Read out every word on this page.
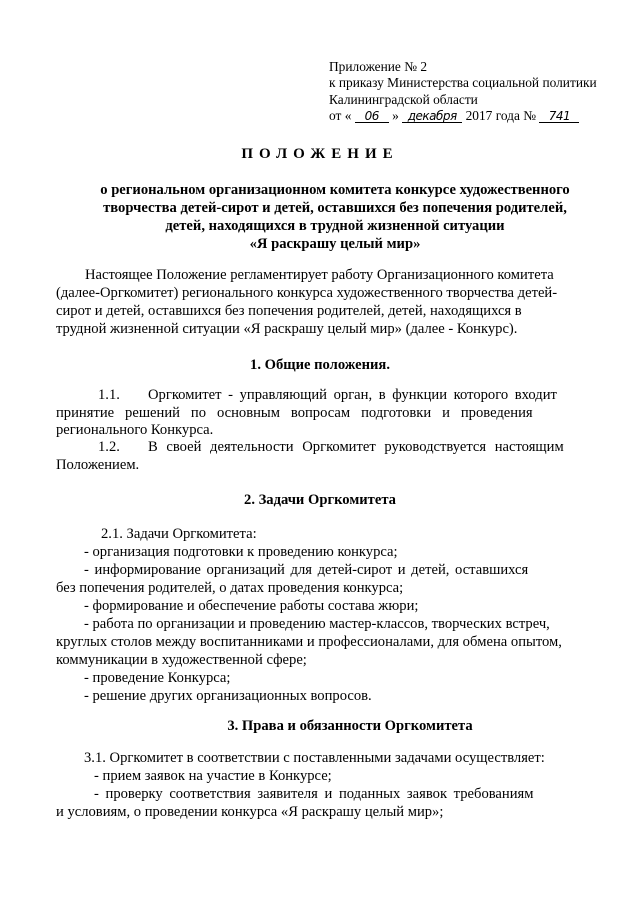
Приложение № 2
к приказу Министерства социальной политики
Калининградской области
от « 06 » декабря 2017 года № 741
ПОЛОЖЕНИЕ
о региональном организационном комитета конкурсе художественного
творчества детей-сирот и детей, оставшихся без попечения родителей,
детей, находящихся в трудной жизненной ситуации
«Я раскрашу целый мир»
Настоящее Положение регламентирует работу Организационного комитета
(далее-Оргкомитет) регионального конкурса художественного творчества детей-
сирот и детей, оставшихся без попечения родителей, детей, находящихся в
трудной жизненной ситуации «Я раскрашу целый мир» (далее - Конкурс).
1. Общие положения.
1.1. Оргкомитет - управляющий орган, в функции которого входит
принятие   решений   по   основным   вопросам   подготовки   и   проведения
регионального Конкурса.
1.2. В своей деятельности Оргкомитет руководствуется настоящим
Положением.
2. Задачи Оргкомитета
2.1. Задачи Оргкомитета:
- организация подготовки к проведению конкурса;
- информирование организаций для детей-сирот и детей, оставшихся
без попечения родителей, о датах проведения конкурса;
- формирование и обеспечение работы состава жюри;
- работа по организации и проведению мастер-классов, творческих встреч,
круглых столов между воспитанниками и профессионалами, для обмена опытом,
коммуникации в художественной сфере;
- проведение Конкурса;
- решение других организационных вопросов.
3. Права и обязанности Оргкомитета
3.1. Оргкомитет в соответствии с поставленными задачами осуществляет:
- прием заявок на участие в Конкурсе;
- проверку соответствия заявителя и поданных заявок требованиям
и условиям, о проведении конкурса «Я раскрашу целый мир»;
